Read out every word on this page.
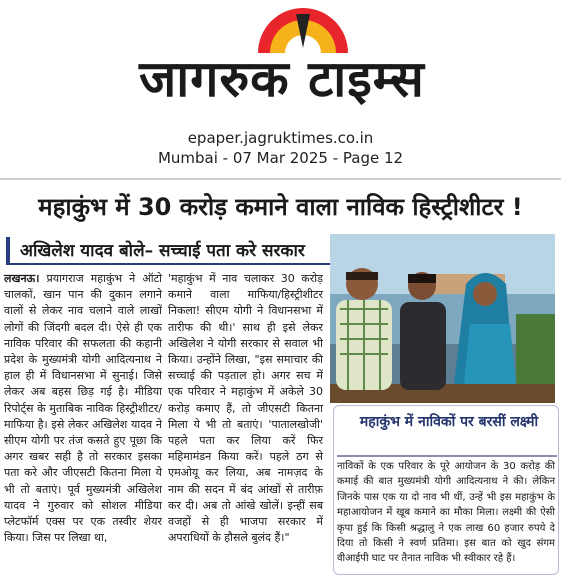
जागरुक टाइम्स
epaper.jagruktimes.co.in
Mumbai - 07 Mar 2025 - Page 12
महाकुंभ में 30 करोड़ कमाने वाला नाविक हिस्ट्रीशीटर !
अखिलेश यादव बोले– सच्चाई पता करे सरकार
लखनऊ। प्रयागराज महाकुंभ ने ऑटो चालकों, खान पान की दुकान लगाने वालों से लेकर नाव चलाने वाले लाखों लोगों की जिंदगी बदल दी। ऐसे ही एक नाविक परिवार की सफलता की कहानी प्रदेश के मुख्यमंत्री योगी आदित्यनाथ ने हाल ही में विधानसभा में सुनाई। जिसे लेकर अब बहस छिड़ गई है। मीडिया रिपोर्ट्स के मुताबिक नाविक हिस्ट्रीशीटर/माफिया है। इसे लेकर अखिलेश यादव ने सीएम योगी पर तंज कसते हुए पूछा कि अगर खबर सही है तो सरकार इसका पता करे और जीएसटी कितना मिला ये भी तो बताएं। पूर्व मुख्यमंत्री अखिलेश यादव ने गुरुवार को सोशल मीडिया प्लेटफॉर्म एक्स पर एक तस्वीर शेयर किया। जिस पर लिखा था,
'महाकुंभ में नाव चलाकर 30 करोड़ कमाने वाला माफिया/हिस्ट्रीशीटर निकला! सीएम योगी ने विधानसभा में तारीफ की थी।' साथ ही इसे लेकर अखिलेश ने योगी सरकार से सवाल भी किया। उन्होंने लिखा, "इस समाचार की सच्चाई की पड़ताल हो। अगर सच में एक परिवार ने महाकुंभ में अकेले 30 करोड़ कमाए हैं, तो जीएसटी कितना मिला ये भी तो बताएं। 'पातालखोजी' पहले पता कर लिया करें फिर महिमामंडन किया करें। पहले ठग से एमओयू कर लिया, अब नामज़द के नाम की सदन में बंद आंखों से तारीफ़ कर दी। अब तो आंखे खोलें। इन्हीं सब वजहों से ही भाजपा सरकार में अपराधियों के हौसले बुलंद हैं।"
महाकुंभ में नाविकों पर बरसीं लक्ष्मी
नाविकों के एक परिवार के पूरे आयोजन के 30 करोड़ की कमाई की बात मुख्यमंत्री योगी आदित्यनाथ ने की। लेकिन जिनके पास एक या दो नाव भी थीं, उन्हें भी इस महाकुंभ के महाआयोजन में खूब कमाने का मौका मिला। लक्ष्मी की ऐसी कृपा हुई कि किसी श्रद्धालु ने एक लाख 60 हजार रुपये दे दिया तो किसी ने स्वर्ण प्रतिमा। इस बात को खुद संगम वीआईपी घाट पर तैनात नाविक भी स्वीकार रहे हैं।
